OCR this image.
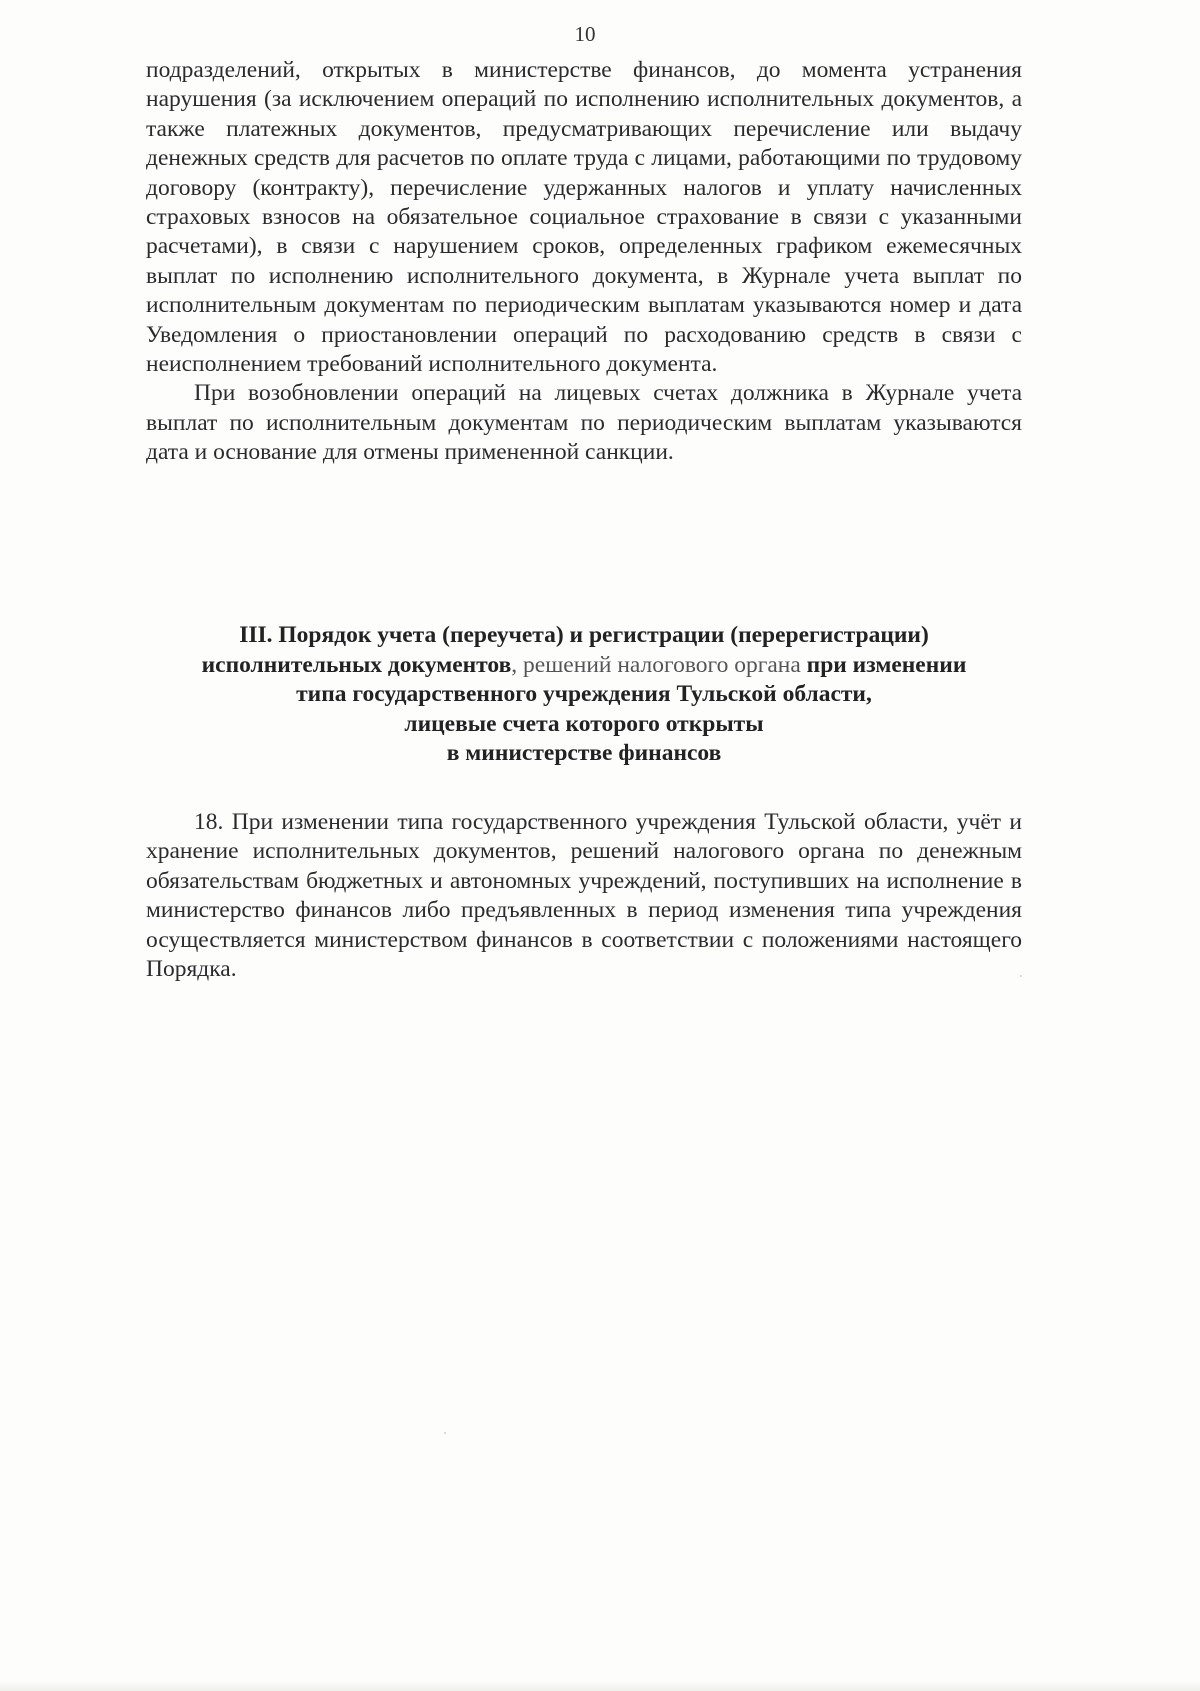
10

подразделений, открытых в министерстве финансов, до момента устранения нарушения (за исключением операций по исполнению исполнительных документов, а также платежных документов, предусматривающих перечисление или выдачу денежных средств для расчетов по оплате труда с лицами, работающими по трудовому договору (контракту), перечисление удержанных налогов и уплату начисленных страховых взносов на обязательное социальное страхование в связи с указанными расчетами), в связи с нарушением сроков, определенных графиком ежемесячных выплат по исполнению исполнительного документа, в Журнале учета выплат по исполнительным документам по периодическим выплатам указываются номер и дата Уведомления о приостановлении операций по расходованию средств в связи с неисполнением требований исполнительного документа.

При возобновлении операций на лицевых счетах должника в Журнале учета выплат по исполнительным документам по периодическим выплатам указываются дата и основание для отмены примененной санкции.

III. Порядок учета (переучета) и регистрации (перерегистрации)
исполнительных документов, решений налогового органа при изменении
типа государственного учреждения Тульской области,
лицевые счета которого открыты
в министерстве финансов

18. При изменении типа государственного учреждения Тульской области, учёт и хранение исполнительных документов, решений налогового органа по денежным обязательствам бюджетных и автономных учреждений, поступивших на исполнение в министерство финансов либо предъявленных в период изменения типа учреждения осуществляется министерством финансов в соответствии с положениями настоящего Порядка.
